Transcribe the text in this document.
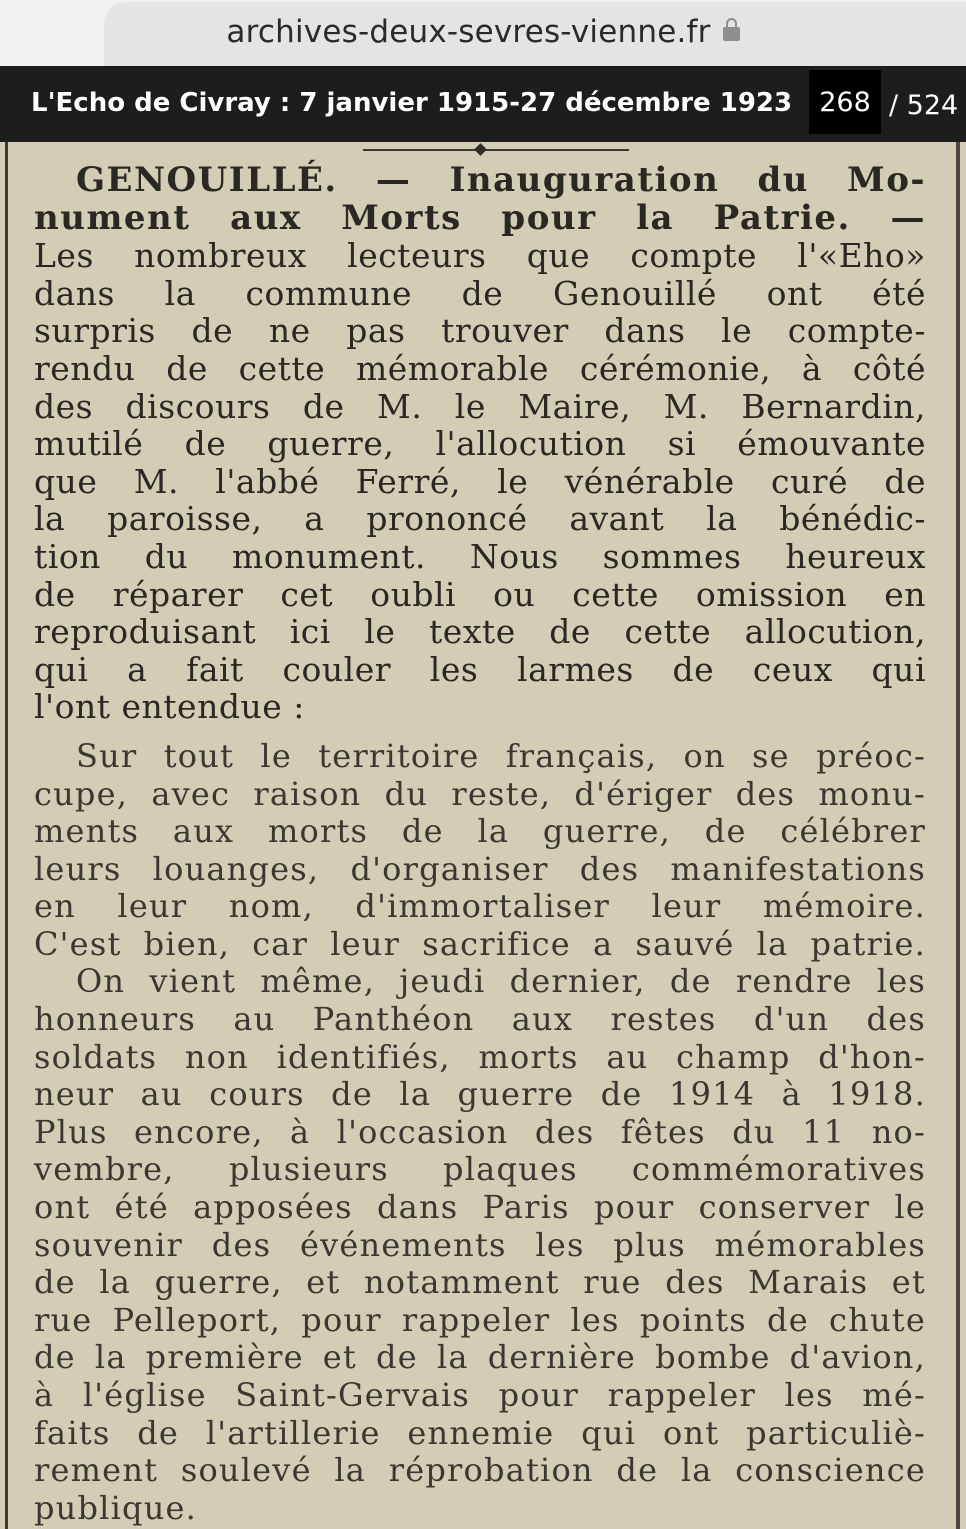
archives-deux-sevres-vienne.fr
L'Echo de Civray : 7 janvier 1915-27 décembre 1923
268	/ 524
GENOUILLÉ. — Inauguration du Mo-
nument aux Morts pour la Patrie. —
Les nombreux lecteurs que compte l'«Eho»
dans la commune de Genouillé ont été
surpris de ne pas trouver dans le compte-
rendu de cette mémorable cérémonie, à côté
des discours de M. le Maire, M. Bernardin,
mutilé de guerre, l'allocution si émouvante
que M. l'abbé Ferré, le vénérable curé de
la paroisse, a prononcé avant la bénédic-
tion du monument. Nous sommes heureux
de réparer cet oubli ou cette omission en
reproduisant ici le texte de cette allocution,
qui a fait couler les larmes de ceux qui
l'ont entendue :
Sur tout le territoire français, on se préoc-
cupe, avec raison du reste, d'ériger des monu-
ments aux morts de la guerre, de célébrer
leurs louanges, d'organiser des manifestations
en leur nom, d'immortaliser leur mémoire.
C'est bien, car leur sacrifice a sauvé la patrie.
On vient même, jeudi dernier, de rendre les
honneurs au Panthéon aux restes d'un des
soldats non identifiés, morts au champ d'hon-
neur au cours de la guerre de 1914 à 1918.
Plus encore, à l'occasion des fêtes du 11 no-
vembre, plusieurs plaques commémoratives
ont été apposées dans Paris pour conserver le
souvenir des événements les plus mémorables
de la guerre, et notamment rue des Marais et
rue Pelleport, pour rappeler les points de chute
de la première et de la dernière bombe d'avion,
à l'église Saint-Gervais pour rappeler les mé-
faits de l'artillerie ennemie qui ont particuliè-
rement soulevé la réprobation de la conscience
publique.
